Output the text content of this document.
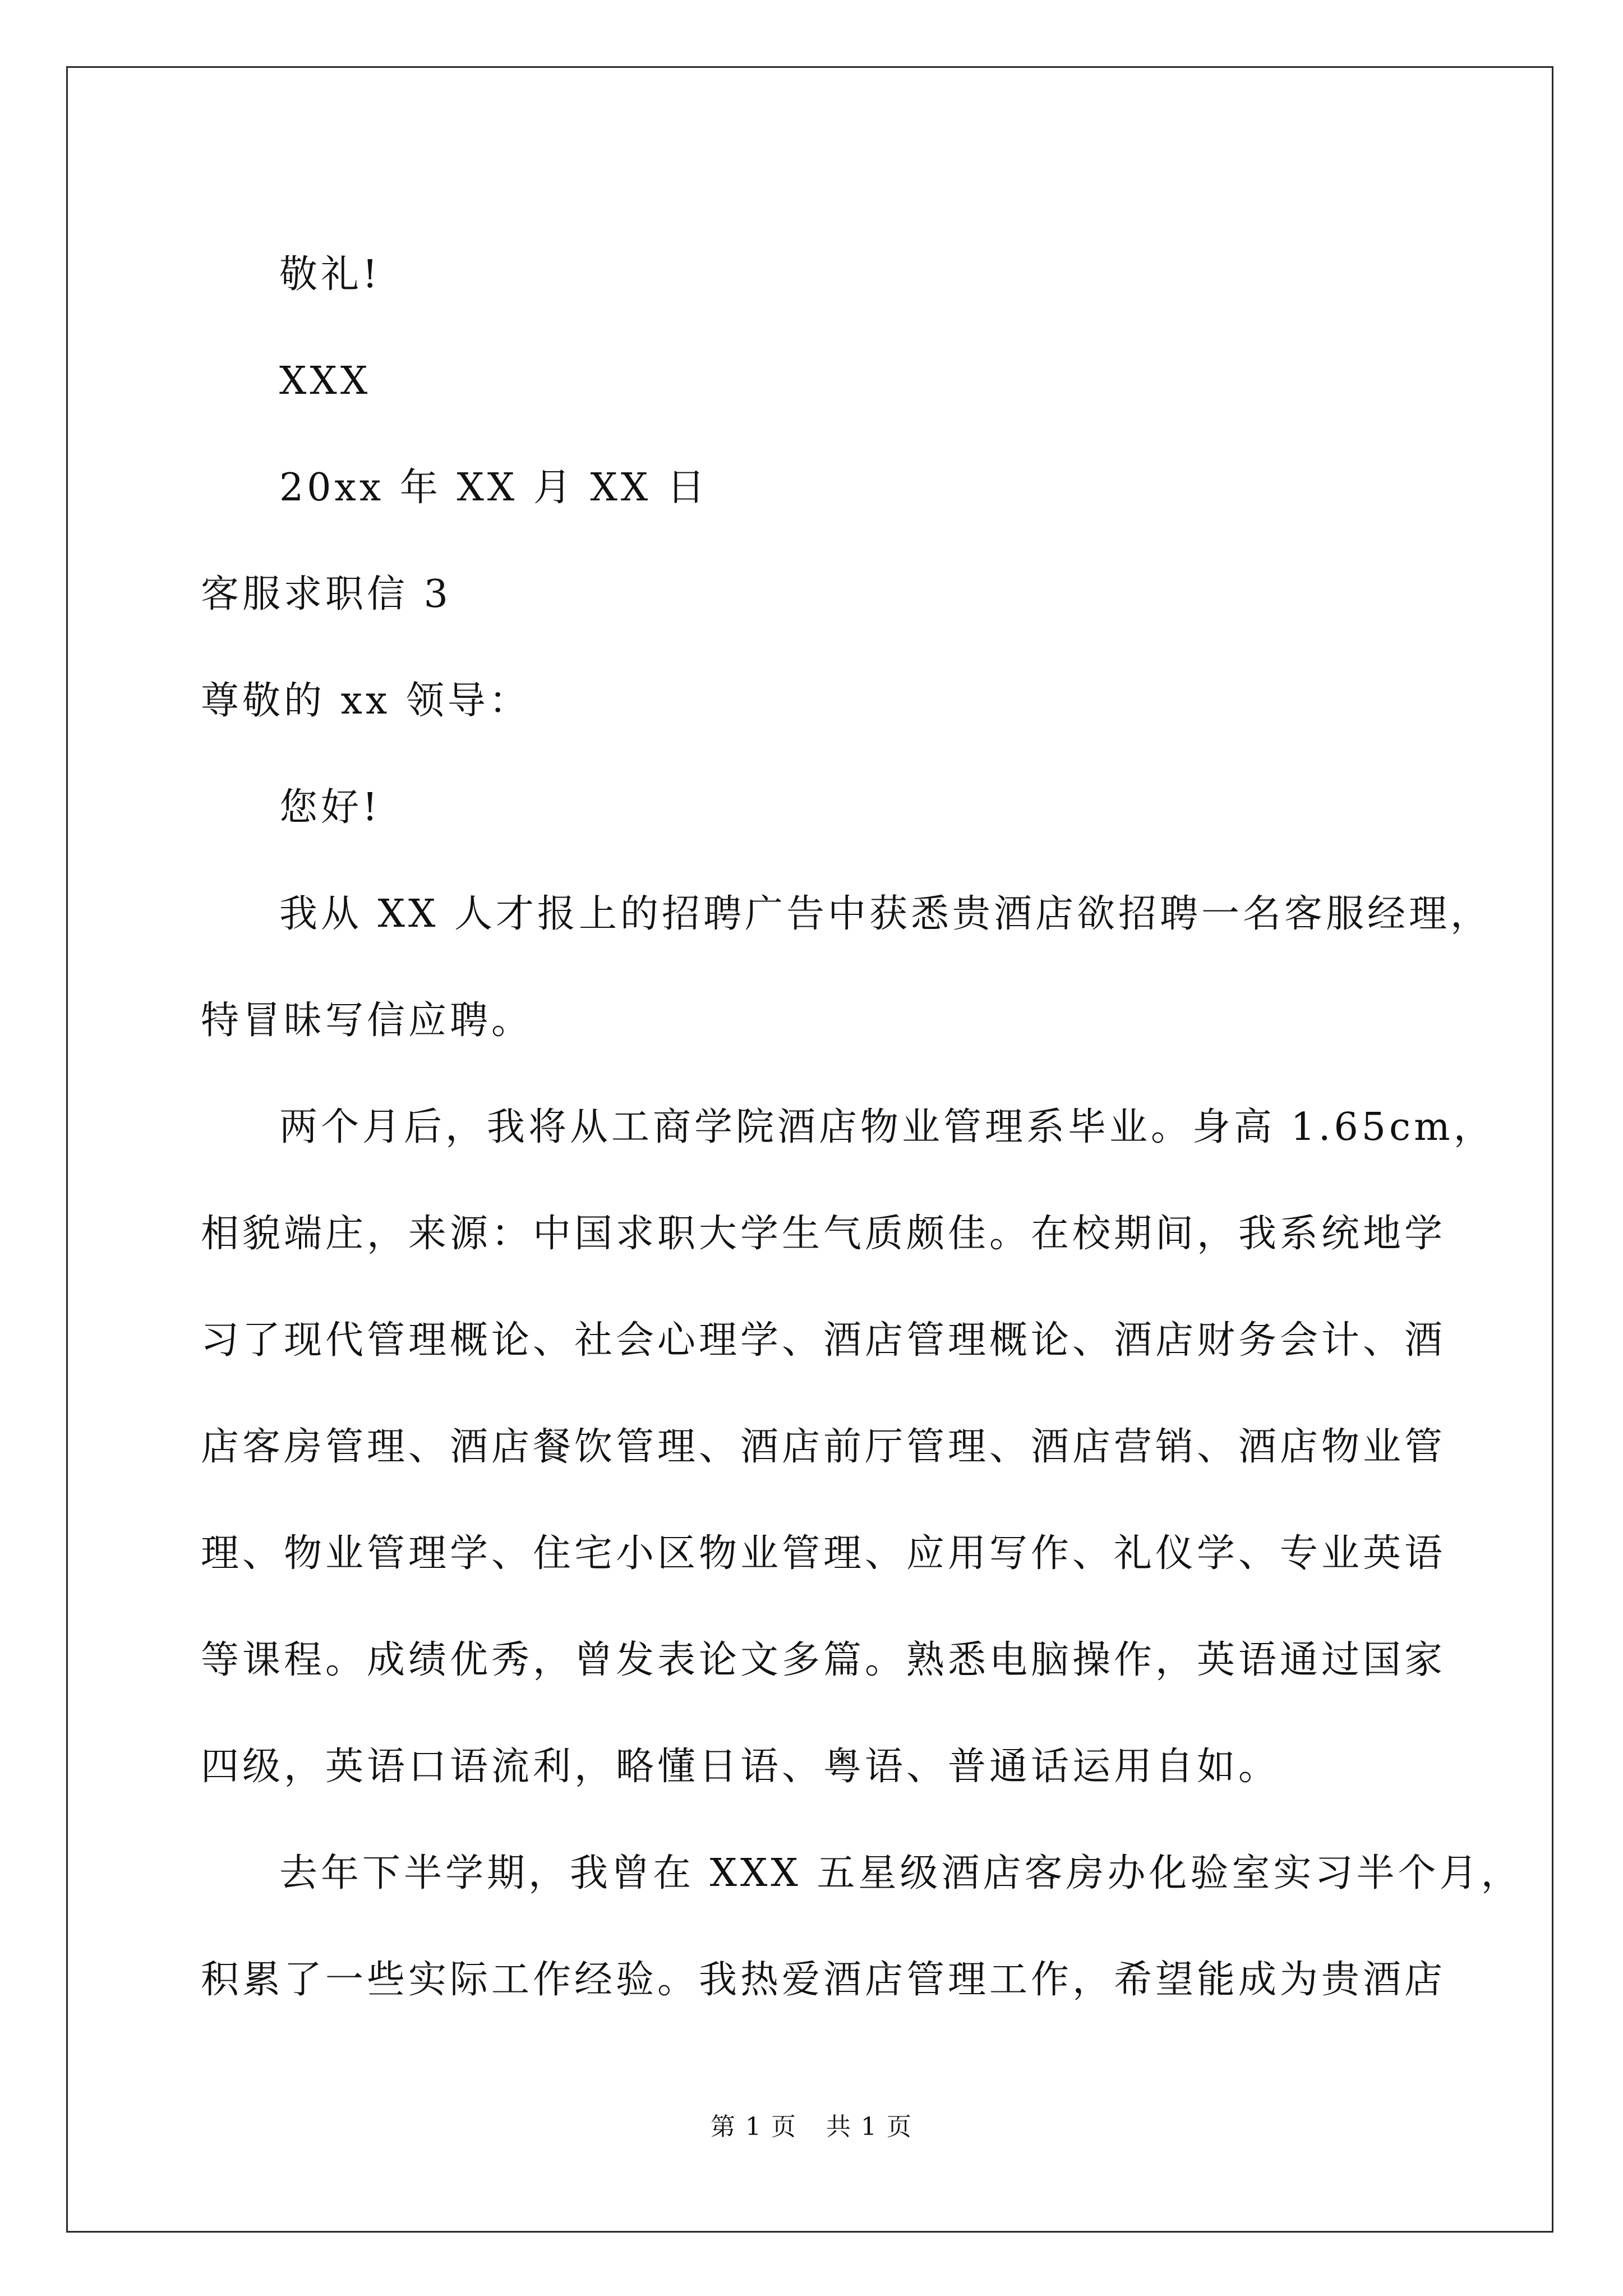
敬礼!
XXX
20xx 年 XX 月 XX 日
客服求职信 3
尊敬的 xx 领导：
您好!
我从 XX 人才报上的招聘广告中获悉贵酒店欲招聘一名客服经理，
特冒昧写信应聘。
两个月后，我将从工商学院酒店物业管理系毕业。身高 1.65cm，
相貌端庄，来源：中国求职大学生气质颇佳。在校期间，我系统地学
习了现代管理概论、社会心理学、酒店管理概论、酒店财务会计、酒
店客房管理、酒店餐饮管理、酒店前厅管理、酒店营销、酒店物业管
理、物业管理学、住宅小区物业管理、应用写作、礼仪学、专业英语
等课程。成绩优秀，曾发表论文多篇。熟悉电脑操作，英语通过国家
四级，英语口语流利，略懂日语、粤语、普通话运用自如。
去年下半学期，我曾在 XXX 五星级酒店客房办化验室实习半个月，
积累了一些实际工作经验。我热爱酒店管理工作，希望能成为贵酒店
第 1 页 共 1 页
